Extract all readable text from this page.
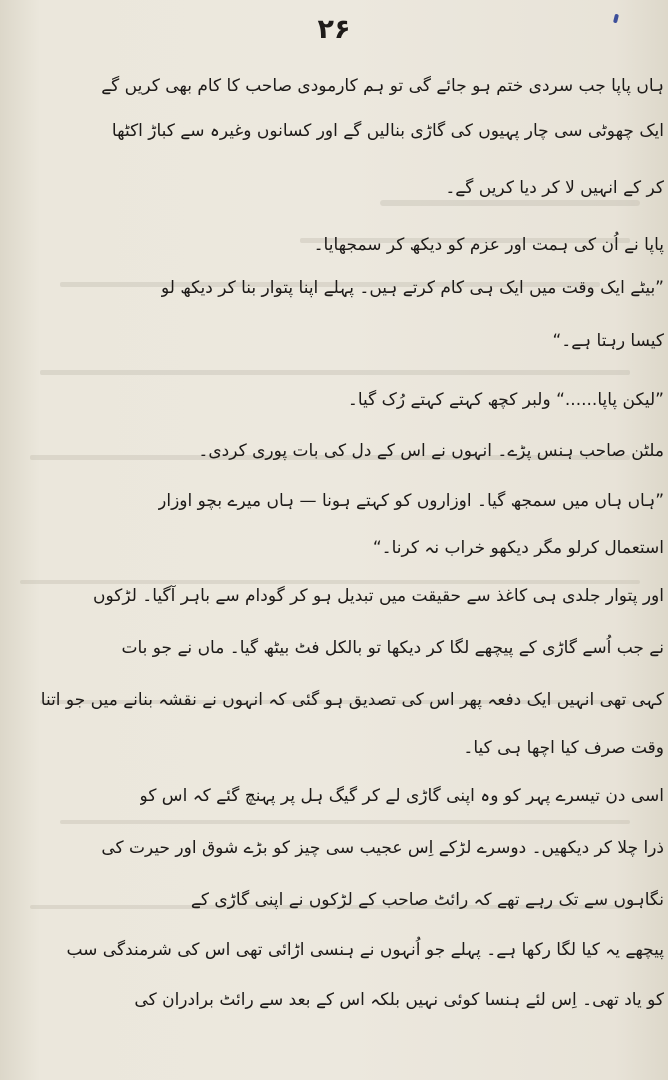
۲۶
ہاں پاپا جب سردی ختم ہو جائے گی تو ہم کارمودی صاحب کا کام بھی کریں گے
ایک چھوٹی سی چار پہیوں کی گاڑی بنالیں گے اور کسانوں وغیرہ سے کباڑ اکٹھا
کر کے انہیں لا کر دیا کریں گے۔
پاپا نے اُن کی ہمت اور عزم کو دیکھ کر سمجھایا۔
”بیٹے ایک وقت میں ایک ہی کام کرتے ہیں۔ پہلے اپنا پتوار بنا کر دیکھ لو
کیسا رہتا ہے۔“
”لیکن پاپا......“ ولبر کچھ کہتے کہتے رُک گیا۔
ملٹن صاحب ہنس پڑے۔ انہوں نے اس کے دل کی بات پوری کردی۔
”ہاں ہاں میں سمجھ گیا۔ اوزاروں کو کہتے ہونا — ہاں میرے بچو اوزار
استعمال کرلو مگر دیکھو خراب نہ کرنا۔“
اور پتوار جلدی ہی کاغذ سے حقیقت میں تبدیل ہو کر گودام سے باہر آگیا۔ لڑکوں
نے جب اُسے گاڑی کے پیچھے لگا کر دیکھا تو بالکل فٹ بیٹھ گیا۔ ماں نے جو بات
کہی تھی انہیں ایک دفعہ پھر اس کی تصدیق ہو گئی کہ انہوں نے نقشہ بنانے میں جو اتنا
وقت صرف کیا اچھا ہی کیا۔
اسی دن تیسرے پہر کو وہ اپنی گاڑی لے کر گیگ ہل پر پہنچ گئے کہ اس کو
ذرا چلا کر دیکھیں۔ دوسرے لڑکے اِس عجیب سی چیز کو بڑے شوق اور حیرت کی
نگاہوں سے تک رہے تھے کہ رائٹ صاحب کے لڑکوں نے اپنی گاڑی کے
پیچھے یہ کیا لگا رکھا ہے۔ پہلے جو اُنہوں نے ہنسی اڑائی تھی اس کی شرمندگی سب
کو یاد تھی۔ اِس لئے ہنسا کوئی نہیں بلکہ اس کے بعد سے رائٹ برادران کی
